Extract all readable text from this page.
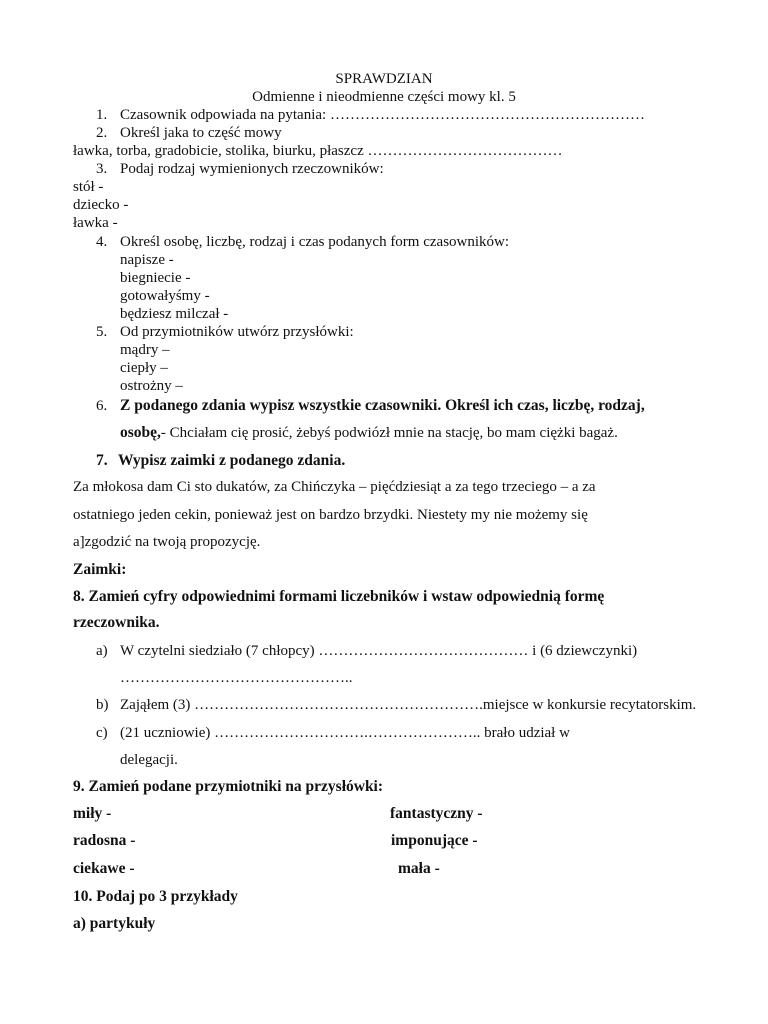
SPRAWDZIAN
Odmienne i nieodmienne części mowy kl. 5
1. Czasownik odpowiada na pytania: ………………………………………………………
2. Określ jaka to część mowy
ławka, torba, gradobicie, stolika, biurku, płaszcz …………………………………
3. Podaj rodzaj wymienionych rzeczowników:
stół -
dziecko -
ławka -
4. Określ osobę, liczbę, rodzaj i czas podanych form czasowników:
napisze -
biegniecie -
gotowałyśmy -
będziesz milczał -
5. Od przymiotników utwórz przysłówki:
mądry –
ciepły –
ostrożny –
6. Z podanego zdania wypisz wszystkie czasowniki. Określ ich czas, liczbę, rodzaj,
osobę,- Chciałam cię prosić, żebyś podwiózł mnie na stację, bo mam ciężki bagaż.
7. Wypisz zaimki z podanego zdania.
Za młokosa dam Ci sto dukatów, za Chińczyka – pięćdziesiąt a za tego trzeciego – a za
ostatniego jeden cekin, ponieważ jest on bardzo brzydki. Niestety my nie możemy się
a]zgodzić na twoją propozycję.
Zaimki:
8. Zamień cyfry odpowiednimi formami liczebników i wstaw odpowiednią formę
rzeczownika.
a) W czytelni siedziało (7 chłopcy) …………………………………… i (6 dziewczynki)
………………………………………..
b) Zająłem (3) ………………………………………………….miejsce w konkursie recytatorskim.
c) (21 uczniowie) ………………………….………………….. brało udział w
delegacji.
9. Zamień podane przymiotniki na przysłówki:
miły -	fantastyczny -
radosna -	imponujące -
ciekawe -	mała -
10. Podaj po 3 przykłady
a) partykuły
